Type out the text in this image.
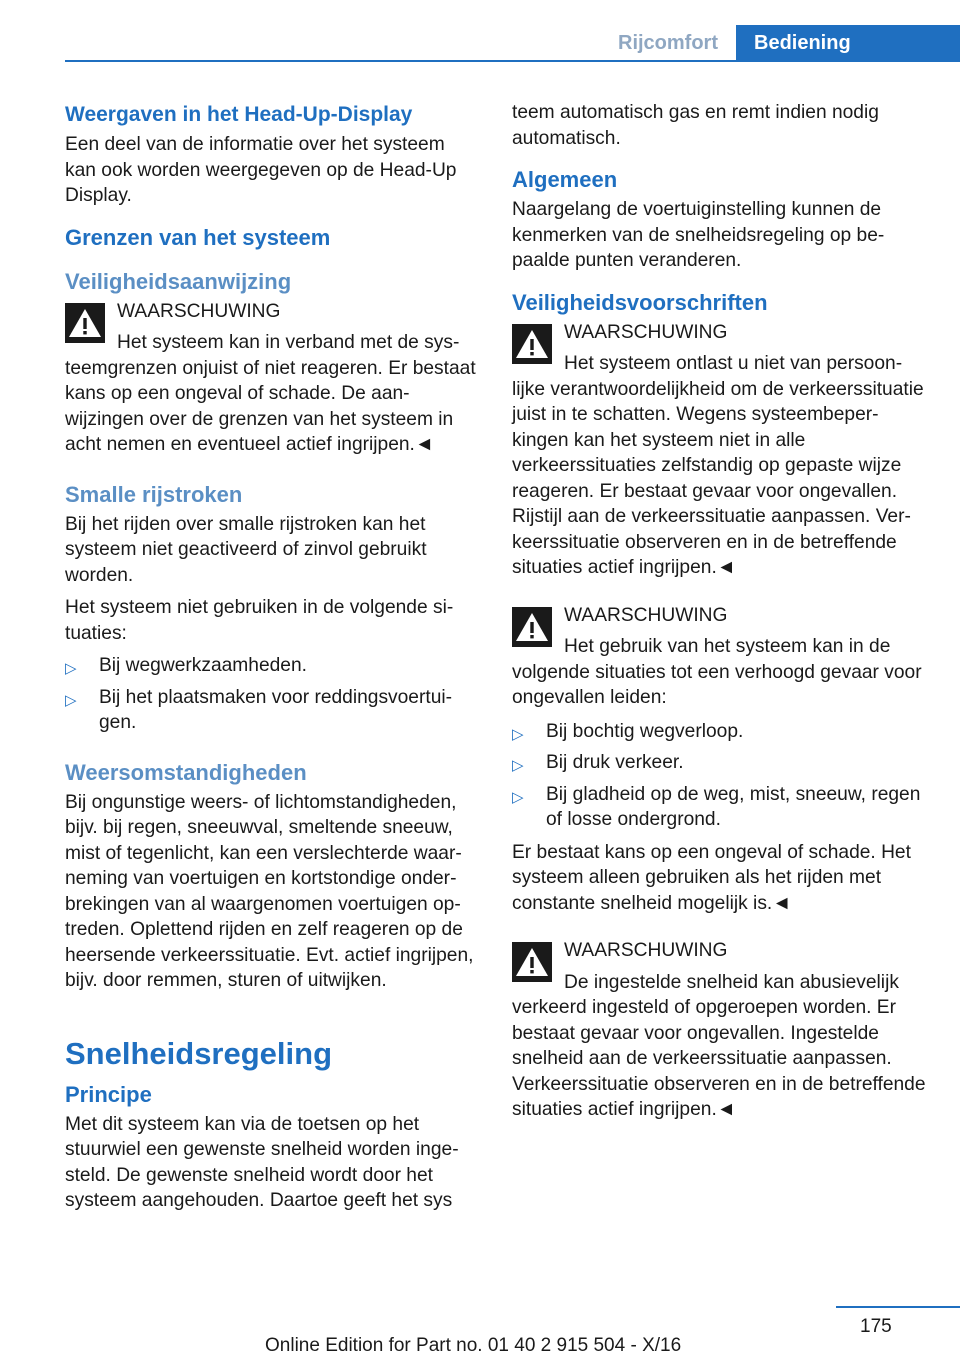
Rijcomfort	Bediening
Weergaven in het Head-Up-Display

Een deel van de informatie over het systeem kan ook worden weergegeven op de Head-Up Display.

Grenzen van het systeem
Veiligheidsaanwijzing
WAARSCHUWING
Het systeem kan in verband met de systeemgrenzen onjuist of niet reageren. Er bestaat kans op een ongeval of schade. De aanwijzingen over de grenzen van het systeem in acht nemen en eventueel actief ingrijpen.◄
Smalle rijstroken

Bij het rijden over smalle rijstroken kan het systeem niet geactiveerd of zinvol gebruikt worden.

Het systeem niet gebruiken in de volgende situaties:

▷ Bij wegwerkzaamheden.
▷ Bij het plaatsmaken voor reddingsvoertuigen.
Weersomstandigheden

Bij ongunstige weers- of lichtomstandigheden, bijv. bij regen, sneeuwval, smeltende sneeuw, mist of tegenlicht, kan een verslechterde waarneming van voertuigen en kortstondige onderbrekingen van al waargenomen voertuigen optreden. Oplettend rijden en zelf reageren op de heersende verkeerssituatie. Evt. actief ingrijpen, bijv. door remmen, sturen of uitwijken.

Snelheidsregeling
Principe

Met dit systeem kan via de toetsen op het stuurwiel een gewenste snelheid worden ingesteld. De gewenste snelheid wordt door het systeem aangehouden. Daartoe geeft het sys

teem automatisch gas en remt indien nodig automatisch.

Algemeen

Naargelang de voertuiginstelling kunnen de kenmerken van de snelheidsregeling op bepaalde punten veranderen.

Veiligheidsvoorschriften
WAARSCHUWING
Het systeem ontlast u niet van persoonlijke verantwoordelijkheid om de verkeerssituatie juist in te schatten. Wegens systeembeperkingen kan het systeem niet in alle verkeerssituaties zelfstandig op gepaste wijze reageren. Er bestaat gevaar voor ongevallen. Rijstijl aan de verkeerssituatie aanpassen. Verkeerssituatie observeren en in de betreffende situaties actief ingrijpen.◄
WAARSCHUWING
Het gebruik van het systeem kan in de volgende situaties tot een verhoogd gevaar voor ongevallen leiden:
▷ Bij bochtig wegverloop.
▷ Bij druk verkeer.
▷ Bij gladheid op de weg, mist, sneeuw, regen of losse ondergrond.

Er bestaat kans op een ongeval of schade. Het systeem alleen gebruiken als het rijden met constante snelheid mogelijk is.◄

WAARSCHUWING
De ingestelde snelheid kan abusievelijk verkeerd ingesteld of opgeroepen worden. Er bestaat gevaar voor ongevallen. Ingestelde snelheid aan de verkeerssituatie aanpassen. Verkeerssituatie observeren en in de betreffende situaties actief ingrijpen.◄
175
Online Edition for Part no. 01 40 2 915 504 - X/16
